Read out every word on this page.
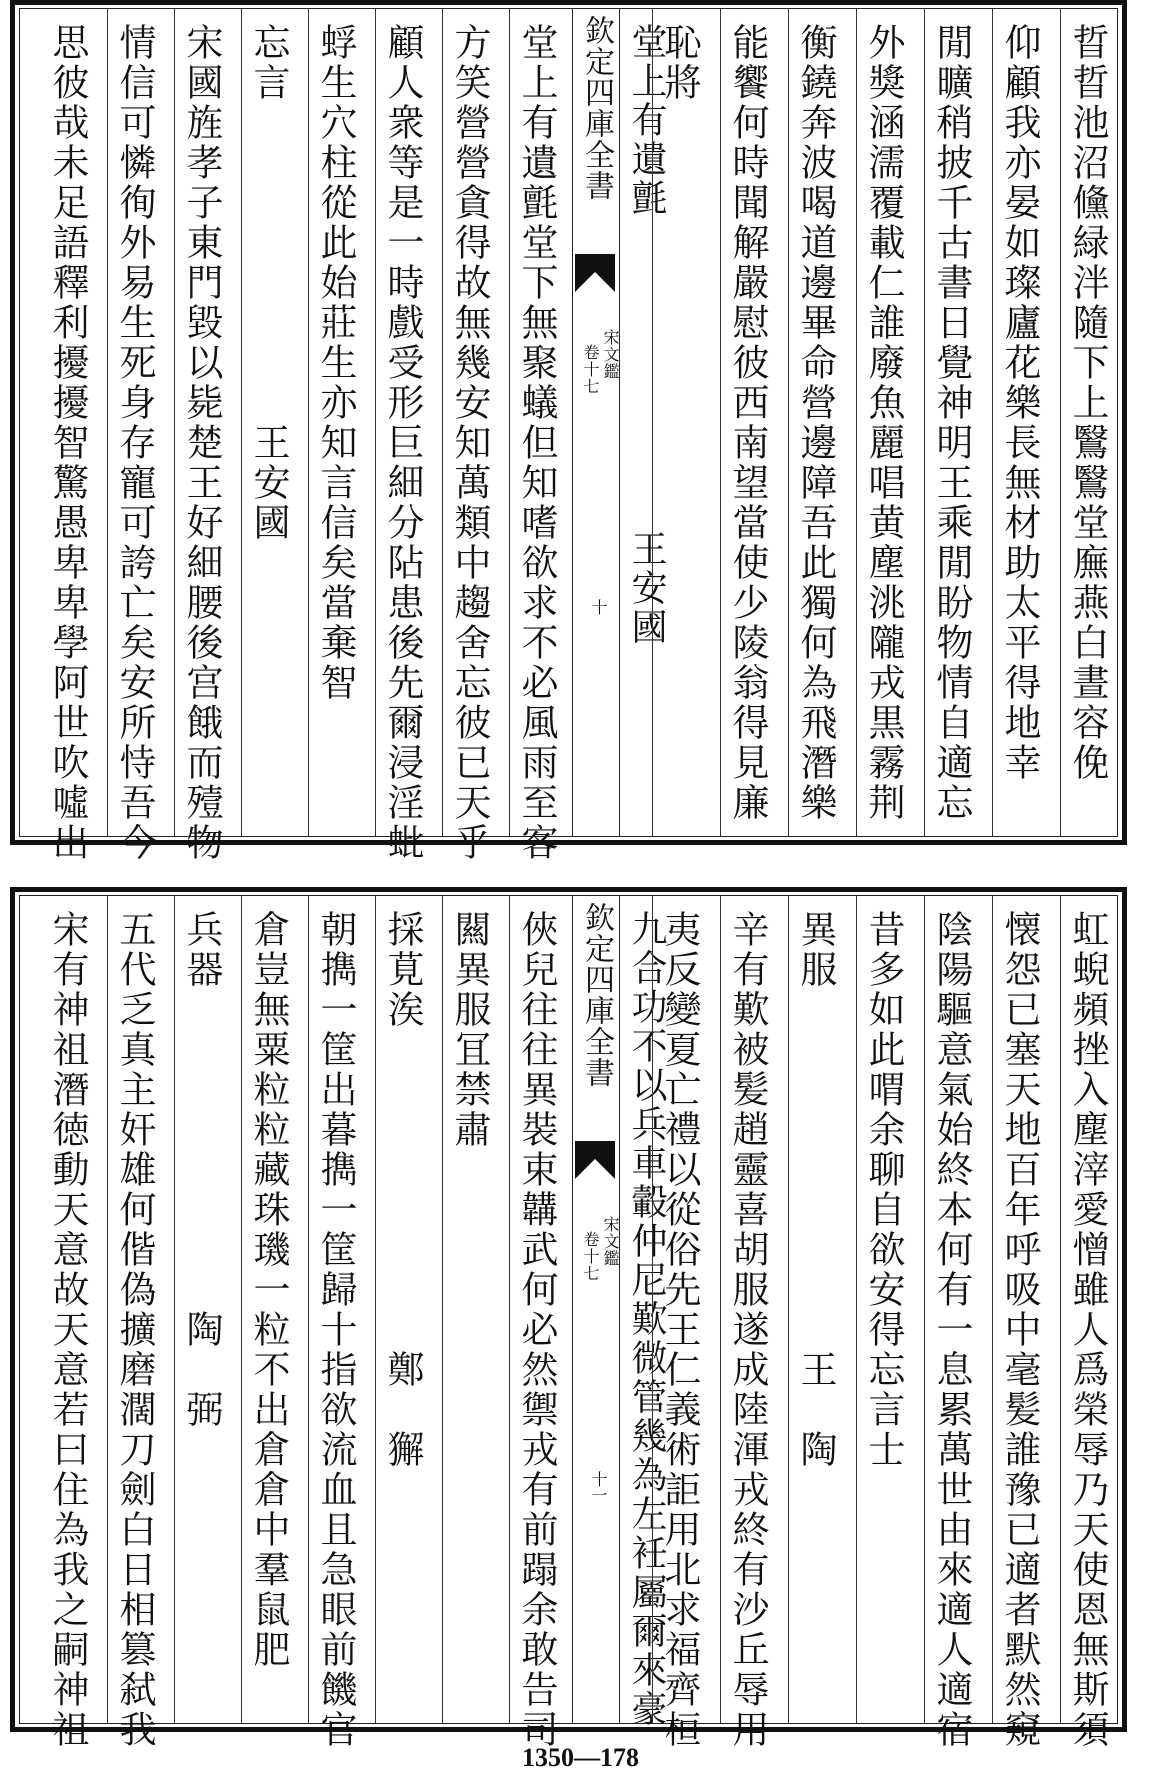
晢晢池沼儵緑泮隨下上鷖鷖堂廡燕白晝容俛
仰顧我亦晏如璨廬花樂長無材助太平得地幸
閒曠稍披千古書日覺神明王乘閒盼物情自適忘
外獎涵濡覆載仁誰廢魚麗唱黄塵洮隴戎黒霧荆
衡鐃奔波喝道邊畢命營邊障吾此獨何為飛潛樂
能饗何時聞解嚴慰彼西南望當使少陵翁得見廉
恥將
堂上有遺氈　　　　　　　　王安國
堂上有遺氈堂下無聚蟻但知嗜欲求不必風雨至客
方笑營營貪得故無幾安知萬類中趨舍忘彼已天乎
顧人衆等是一時戲受形巨細分阽患後先爾浸淫蚍
蜉生穴柱從此始莊生亦知言信矣當棄智
忘言　　　　　　　　王安國
宋國旌孝子東門毀以毙楚王好細腰後宫餓而殪物
情信可憐徇外易生死身存寵可誇亡矣安所恃吾今
思彼哉未足語釋利擾擾智驚愚卑卑學阿世吹噓出	欽定四庫全書
宋文鑑
卷十七
十
虹蜺頻挫入塵滓愛憎雖人爲榮辱乃天使恩無斯須
懐怨已塞天地百年呼吸中毫髪誰豫已適者默然窺
陰陽驅意氣始終本何有一息累萬世由來適人適宿
昔多如此喟余聊自欲安得忘言士
異服　　　　　　　　　王　陶
辛有歎被髪趙靈喜胡服遂成陸渾戎終有沙丘辱用
夷反變夏亡禮以從俗先王仁義術詎用北求福齊桓
九合功不以兵車轂仲尼歎微管幾為左衽屬爾來豪
俠兒往往異裝束韝武何必然禦戎有前蹋余敢告司
闗異服冝禁肅
採莧涘　　　　　　　　鄭　獬
朝擕一筐出暮擕一筐歸十指欲流血且急眼前饑官
倉豈無粟粒粒藏珠璣一粒不出倉倉中羣鼠肥
兵器　　　　　　　　陶　弼
五代乏真主奸雄何偕偽擴磨濶刀劍白日相篡弑我
宋有神祖潛徳動天意故天意若曰住為我之嗣神祖	欽定四庫全書
宋文鑑
卷十七
十一
1350—178
